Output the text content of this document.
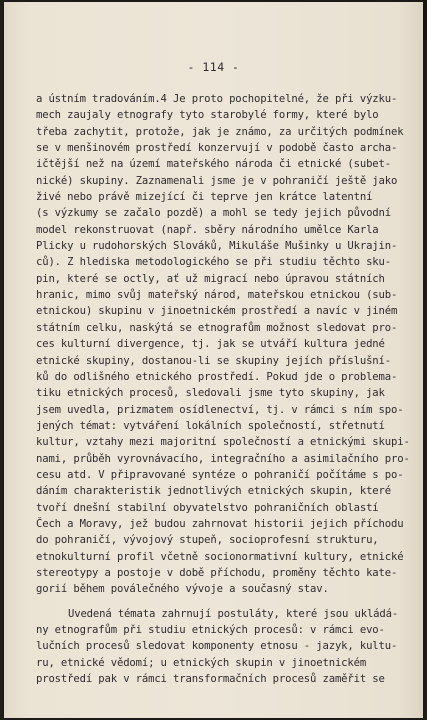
- 114 -
a ústním tradováním.4 Je proto pochopitelné, že při výzku-
mech zaujaly etnografy tyto starobylé formy, které bylo
třeba zachytit, protože, jak je známo, za určitých podmínek
se v menšinovém prostředí konzervují v podobě často archa-
ičtější než na území mateřského národa či etnické (subet-
nické) skupiny. Zaznamenali jsme je v pohraničí ještě jako
živé nebo právě mizející či teprve jen krátce latentní
(s výzkumy se začalo pozdě) a mohl se tedy jejich původní
model rekonstruovat (např. sběry národního umělce Karla
Plicky u rudohorských Slováků, Mikuláše Mušinky u Ukrajin-
ců). Z hlediska metodologického se při studiu těchto sku-
pin, které se octly, ať už migrací nebo úpravou státních
hranic, mimo svůj mateřský národ, mateřskou etnickou (sub-
etnickou) skupinu v jinoetnickém prostředí a navíc v jiném
státním celku, naskýtá se etnografům možnost sledovat pro-
ces kulturní divergence, tj. jak se utváří kultura jedné
etnické skupiny, dostanou-li se skupiny jejích příslušní-
ků do odlišného etnického prostředí. Pokud jde o problema-
tiku etnických procesů, sledovali jsme tyto skupiny, jak
jsem uvedla, prizmatem osídlenectví, tj. v rámci s ním spo-
jených témat: vytváření lokálních společností, střetnutí
kultur, vztahy mezi majoritní společností a etnickými skupi-
nami, průběh vyrovnávacího, integračního a asimilačního pro-
cesu atd. V připravované syntéze o pohraničí počítáme s po-
dáním charakteristik jednotlivých etnických skupin, které
tvoří dnešní stabilní obyvatelstvo pohraničních oblastí
Čech a Moravy, jež budou zahrnovat historii jejich příchodu
do pohraničí, vývojový stupeň, socioprofesní strukturu,
etnokulturní profil včetně socionormativní kultury, etnické
stereotypy a postoje v době příchodu, proměny těchto kate-
gorií během poválečného vývoje a současný stav.
Uvedená témata zahrnují postuláty, které jsou ukládá-
ny etnografům při studiu etnických procesů: v rámci evo-
lučních procesů sledovat komponenty etnosu - jazyk, kultu-
ru, etnické vědomí; u etnických skupin v jinoetnickém
prostředí pak v rámci transformačních procesů zaměřit se
